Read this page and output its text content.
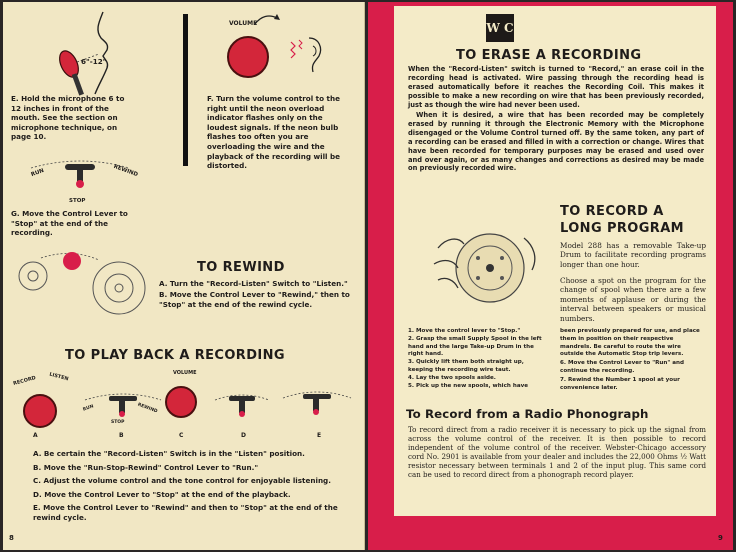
6"-12"
E. Hold the microphone 6 to 12 inches in front of the mouth. See the section on microphone technique, on page 10.
VOLUME
F. Turn the volume control to the right until the neon overload indicator flashes only on the loudest signals. If the neon bulb flashes too often you are overloading the wire and the playback of the recording will be distorted.
RUN	REWIND
STOP
G. Move the Control Lever to "Stop" at the end of the recording.
TO REWIND
A. Turn the "Record-Listen" Switch to "Listen."
B. Move the Control Lever to "Rewind," then to "Stop" at the end of the rewind cycle.
TO PLAY BACK A RECORDING
RECORD LISTEN
RUN	REWIND
STOP
VOLUME
A	B	C	D	E
A. Be certain the "Record-Listen" Switch is in the "Listen" position.
B. Move the "Run-Stop-Rewind" Control Lever to "Run."
C. Adjust the volume control and the tone control for enjoyable listening.
D. Move the Control Lever to "Stop" at the end of the playback.
E. Move the Control Lever to "Rewind" and then to "Stop" at the end of the rewind cycle.
8
W C
TO ERASE A RECORDING
When the "Record-Listen" switch is turned to "Record," an erase coil in the recording head is activated. Wire passing through the recording head is erased automatically before it reaches the Recording Coil. This makes it possible to make a new recording on wire that has been previously recorded, just as though the wire had never been used.
When it is desired, a wire that has been recorded may be completely erased by running it through the Electronic Memory with the Microphone disengaged or the Volume Control turned off. By the same token, any part of a recording can be erased and filled in with a correction or change. Wires that have been recorded for temporary purposes may be erased and used over and over again, or as many changes and corrections as desired may be made on previously recorded wire.
TO RECORD A
LONG PROGRAM
Model 288 has a removable Take-up Drum to facilitate recording programs longer than one hour.
Choose a spot on the program for the change of spool when there are a few moments of applause or during the interval between speakers or musical numbers.

1. Move the control lever to "Stop."

2. Grasp the small Supply Spool in the left hand and the large Take-up Drum in the right hand.

3. Quickly lift them both straight up, keeping the recording wire taut.

4. Lay the two spools aside.

5. Pick up the new spools, which have

been previously prepared for use, and place them in position on their respective mandrels. Be careful to route the wire outside the Automatic Stop trip levers.

6. Move the Control Lever to "Run" and continue the recording.

7. Rewind the Number 1 spool at your convenience later.

To Record from a Radio Phonograph
To record direct from a radio receiver it is necessary to pick up the signal from across the volume control of the receiver. It is then possible to record independent of the volume control of the receiver. Webster-Chicago accessory cord No. 2901 is available from your dealer and includes the 22,000 Ohms ½ Watt resistor necessary between terminals 1 and 2 of the input plug. This same cord can be used to record direct from a phonograph record player.
9
